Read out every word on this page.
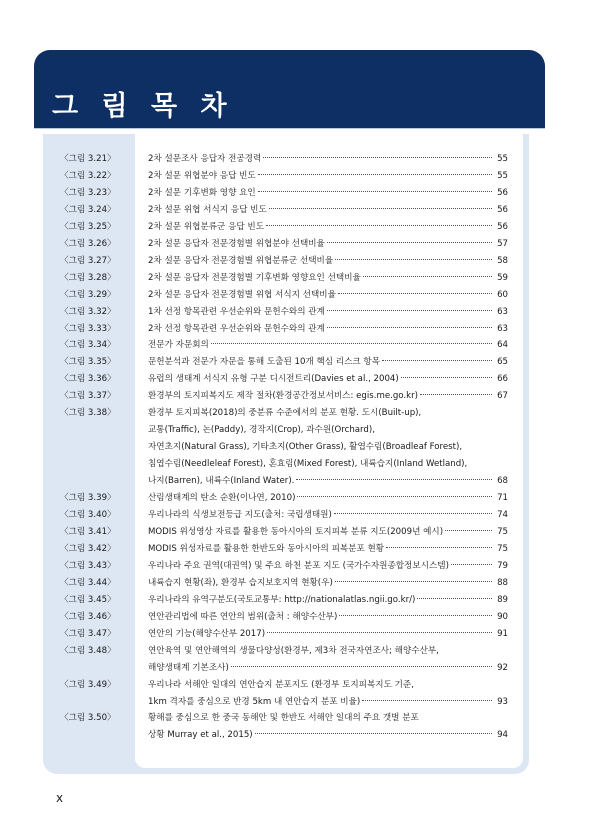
그 림 목 차
〈그림 3.21〉	2차 설문조사 응답자 전공경력	55
〈그림 3.22〉	2차 설문 위협분야 응답 빈도	55
〈그림 3.23〉	2차 설문 기후변화 영향 요인	56
〈그림 3.24〉	2차 설문 위협 서식지 응답 빈도	56
〈그림 3.25〉	2차 설문 위협분류군 응답 빈도	56
〈그림 3.26〉	2차 설문 응답자 전문경험별 위협분야 선택비율	57
〈그림 3.27〉	2차 설문 응답자 전문경험별 위협분류군 선택비율	58
〈그림 3.28〉	2차 설문 응답자 전문경험별 기후변화 영향요인 선택비율	59
〈그림 3.29〉	2차 설문 응답자 전문경험별 위협 서식지 선택비율	60
〈그림 3.32〉	1차 선정 항목관련 우선순위와 문헌수와의 관계	63
〈그림 3.33〉	2차 선정 항목관련 우선순위와 문헌수와의 관계	63
〈그림 3.34〉	전문가 자문회의	64
〈그림 3.35〉	문헌분석과 전문가 자문을 통해 도출된 10개 핵심 리스크 항목	65
〈그림 3.36〉	유럽의 생태계 서식지 유형 구분 디시전트리(Davies et al., 2004)	66
〈그림 3.37〉	환경부의 토지피복지도 제작 절차(환경공간정보서비스: egis.me.go.kr)	67
〈그림 3.38〉	환경부 토지피복(2018)의 중분류 수준에서의 분포 현황. 도시(Built-up),
교통(Traffic), 논(Paddy), 경작지(Crop), 과수원(Orchard),
자연초지(Natural Grass), 기타초지(Other Grass), 활엽수림(Broadleaf Forest),
침엽수림(Needleleaf Forest), 혼효림(Mixed Forest), 내륙습지(Inland Wetland),
나지(Barren), 내륙수(Inland Water).	68
〈그림 3.39〉	산림생태계의 탄소 순환(이나연, 2010)	71
〈그림 3.40〉	우리나라의 식생보전등급 지도(출처: 국립생태원)	74
〈그림 3.41〉	MODIS 위성영상 자료를 활용한 동아시아의 토지피복 분류 지도(2009년 예시)	75
〈그림 3.42〉	MODIS 위성자료를 활용한 한반도와 동아시아의 피복분포 현황	75
〈그림 3.43〉	우리나라 주요 권역(대권역) 및 주요 하천 분포 지도 (국가수자원종합정보시스템)	79
〈그림 3.44〉	내륙습지 현황(좌), 환경부 습지보호지역 현황(우)	88
〈그림 3.45〉	우리나라의 유역구분도(국토교통부: http://nationalatlas.ngii.go.kr/)	89
〈그림 3.46〉	연안관리법에 따른 연안의 범위(출처 : 해양수산부)	90
〈그림 3.47〉	연안의 기능(해양수산부 2017)	91
〈그림 3.48〉	연안육역 및 연안해역의 생물다양성(환경부, 제3차 전국자연조사; 해양수산부,
해양생태계 기본조사)	92
〈그림 3.49〉	우리나라 서해안 일대의 연안습지 분포지도 (환경부 토지피복지도 기준,
1km 격자를 중심으로 반경 5km 내 연안습지 분포 비율)	93
〈그림 3.50〉	황해를 중심으로 한 중국 동해안 및 한반도 서해안 일대의 주요 갯벌 분포
상황 Murray et al., 2015)	94
x
